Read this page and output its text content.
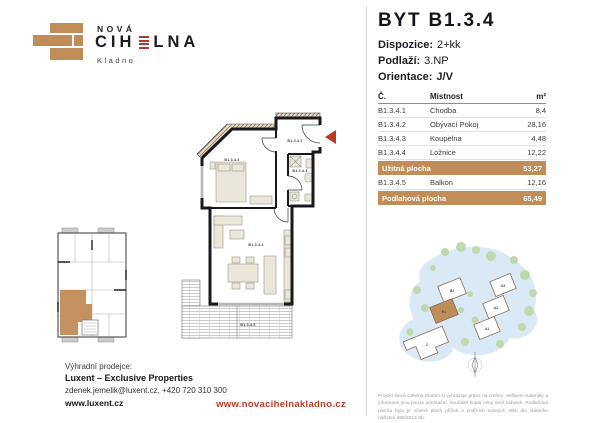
NOVÁ
CIH LNA
Kladno
BYT B1.3.4
Dispozice: 2+kk
Podlaží: 3.NP
Orientace: J/V
Č.	Místnost	m²
B1.3.4.1	Chodba	8,4
B1.3.4.2	Obývací Pokoj	28,16
B1.3.4.3	Koupelna	4,48
B1.3.4.4	Ložnice	12,22
Užitná plocha	53,27
B1.3.4.5	Balkon	12,16
Podlahová plocha	65,49
B1.3.4.1
B1.3.4.4
B1.3.4.3
B1.3.4.2
B1.3.4.5
B2
B1
A3
A2
A1
C
Výhradní prodejce:
Luxent – Exclusive Properties
zdenek.jemelik@luxent.cz, +420 720 310 300
www.luxent.cz	www.novacihelnakladno.cz
Projekt Nová Cihelna Kladno si vyhrazuje právo na změny. Veškeré materiály a informace jsou pouze orientační. Součástí kupní ceny není nábytek. Podlahová plocha bytu je včetně ploch příček a vnitřních nosných stěn dle vládního nařízení 366/2013 Sb.
